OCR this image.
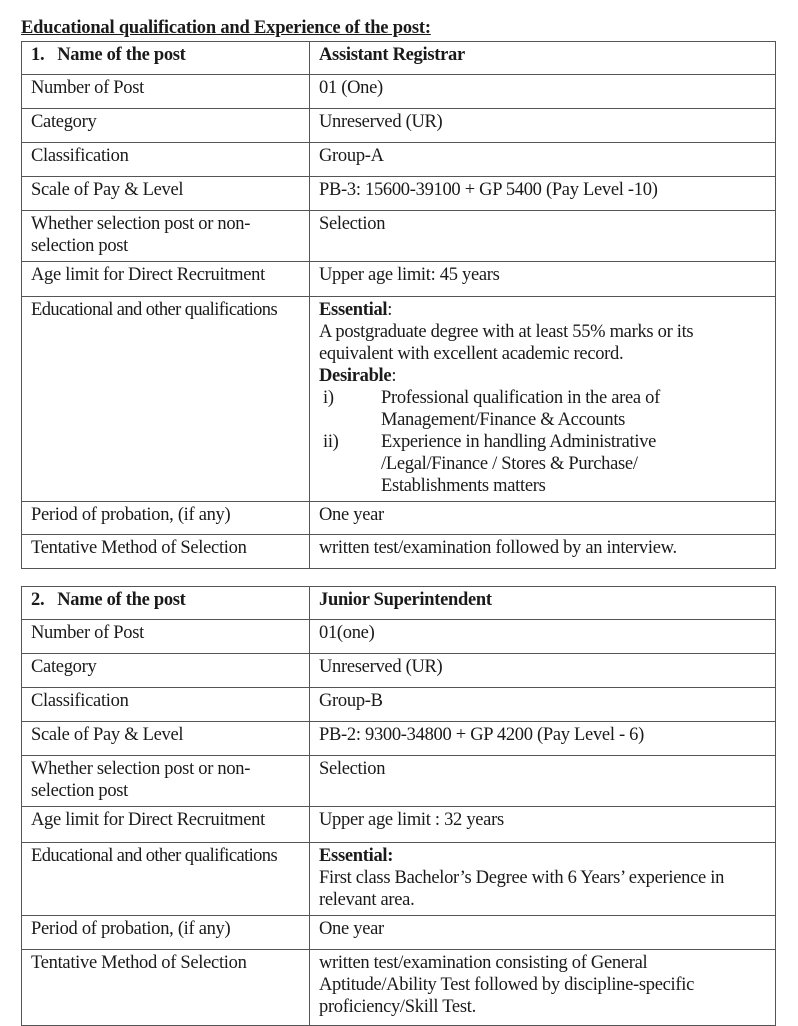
Educational qualification and Experience of the post:
1.   Name of the post	Assistant Registrar
Number of Post	01 (One)
Category	Unreserved (UR)
Classification	Group-A
Scale of Pay & Level	PB-3: 15600-39100 + GP 5400 (Pay Level -10)
Whether selection post or non-selection post	Selection
Age limit for Direct Recruitment	Upper age limit: 45 years
Educational and other qualifications	Essential:
A postgraduate degree with at least 55% marks or its equivalent with excellent academic record.
Desirable:
i)	Professional qualification in the area of Management/Finance & Accounts
ii)	Experience in handling Administrative /Legal/Finance / Stores & Purchase/ Establishments matters

Period of probation, (if any)	One year
Tentative Method of Selection	written test/examination followed by an interview.
2.   Name of the post	Junior Superintendent
Number of Post	01(one)
Category	Unreserved (UR)
Classification	Group-B
Scale of Pay & Level	PB-2: 9300-34800 + GP 4200 (Pay Level - 6)
Whether selection post or non-selection post	Selection
Age limit for Direct Recruitment	Upper age limit : 32 years
Educational and other qualifications	Essential:
First class Bachelor’s Degree with 6 Years’ experience in relevant area.

Period of probation, (if any)	One year
Tentative Method of Selection	written test/examination consisting of General Aptitude/Ability Test followed by discipline-specific proficiency/Skill Test.
